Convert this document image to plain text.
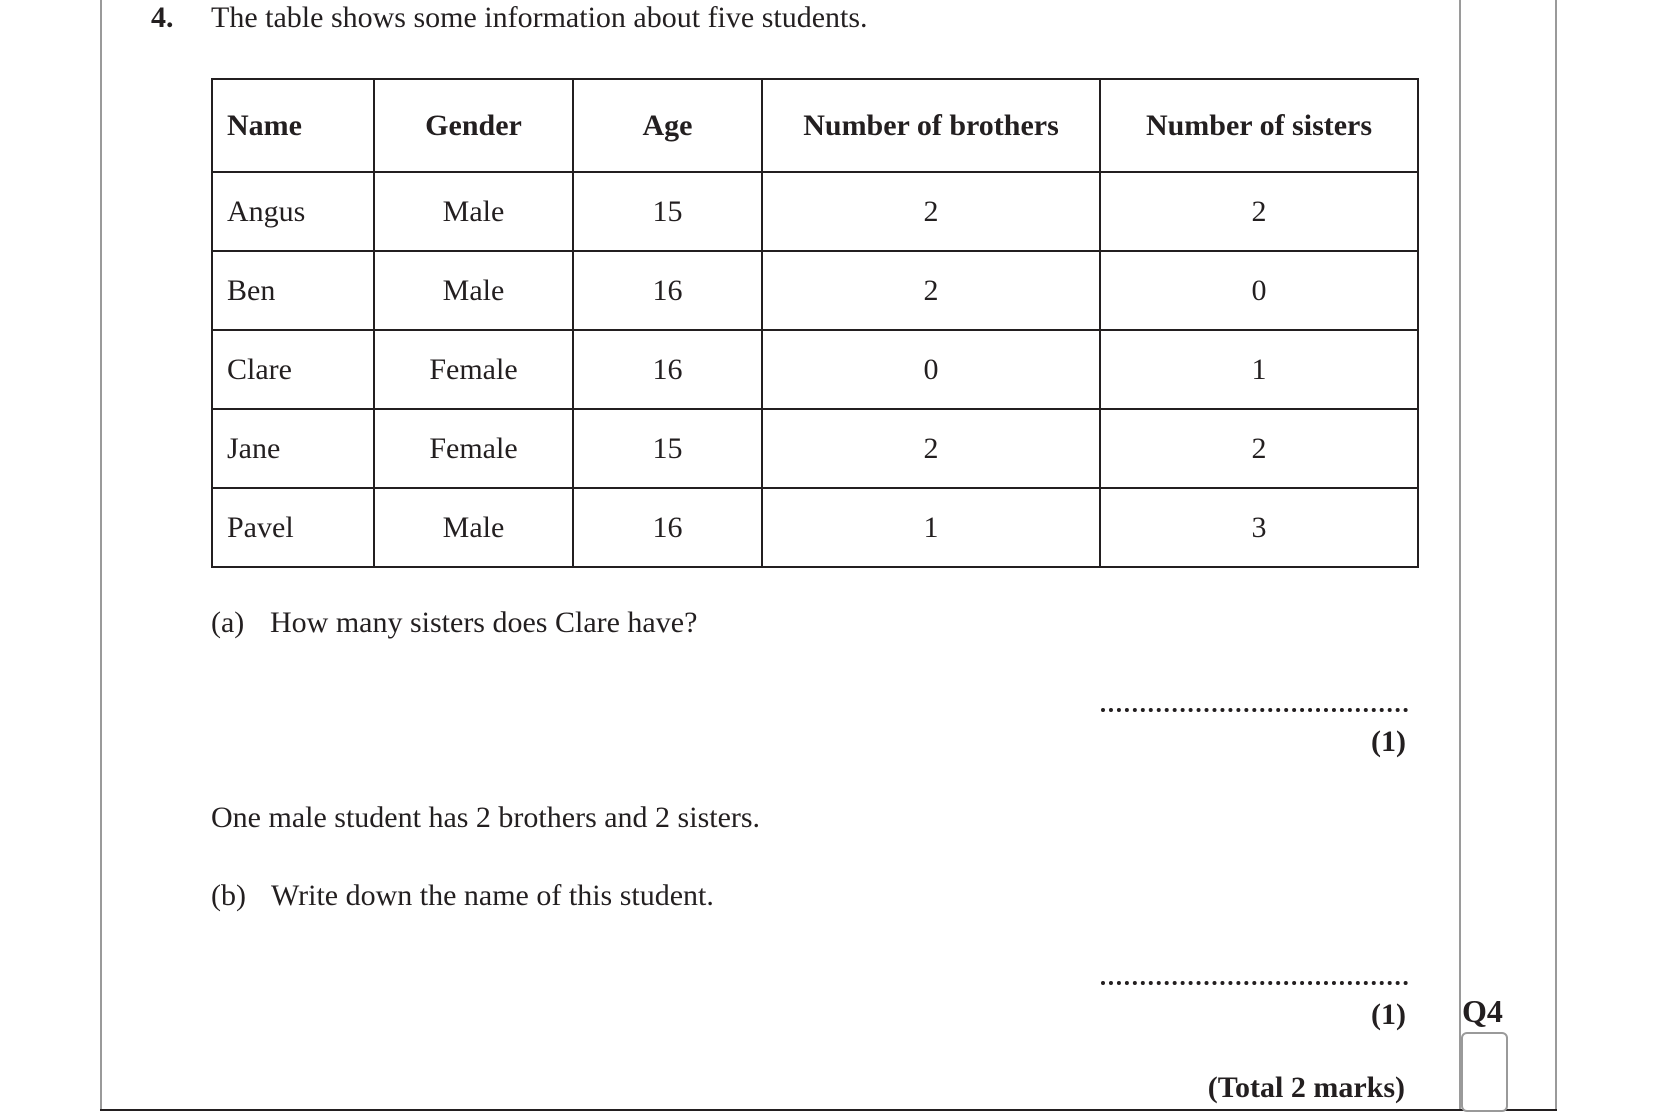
4. The table shows some information about five students.
Name	Gender	Age	Number of brothers	Number of sisters
Angus	Male	15	2	2
Ben	Male	16	2	0
Clare	Female	16	0	1
Jane	Female	15	2	2
Pavel	Male	16	1	3
(a) How many sisters does Clare have?
(1)
One male student has 2 brothers and 2 sisters.
(b) Write down the name of this student.
(1) Q4
(Total 2 marks)
